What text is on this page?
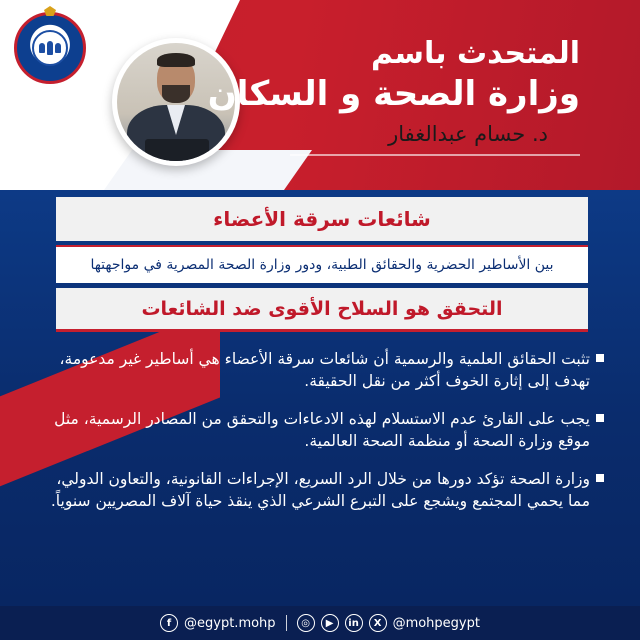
المتحدث باسم
وزارة الصحة و السكان
د. حسام عبدالغفار
شائعات سرقة الأعضاء
بين الأساطير الحضرية والحقائق الطبية، ودور وزارة الصحة المصرية في مواجهتها
التحقق هو السلاح الأقوى ضد الشائعات
تثبت الحقائق العلمية والرسمية أن شائعات سرقة الأعضاء هي أساطير غير مدعومة، تهدف إلى إثارة الخوف أكثر من نقل الحقيقة.
يجب على القارئ عدم الاستسلام لهذه الادعاءات والتحقق من المصادر الرسمية، مثل موقع وزارة الصحة أو منظمة الصحة العالمية.
وزارة الصحة تؤكد دورها من خلال الرد السريع، الإجراءات القانونية، والتعاون الدولي، مما يحمي المجتمع ويشجع على التبرع الشرعي الذي ينقذ حياة آلاف المصريين سنوياً.
f @egypt.mohp	◎	▶	in	X @mohpegypt
